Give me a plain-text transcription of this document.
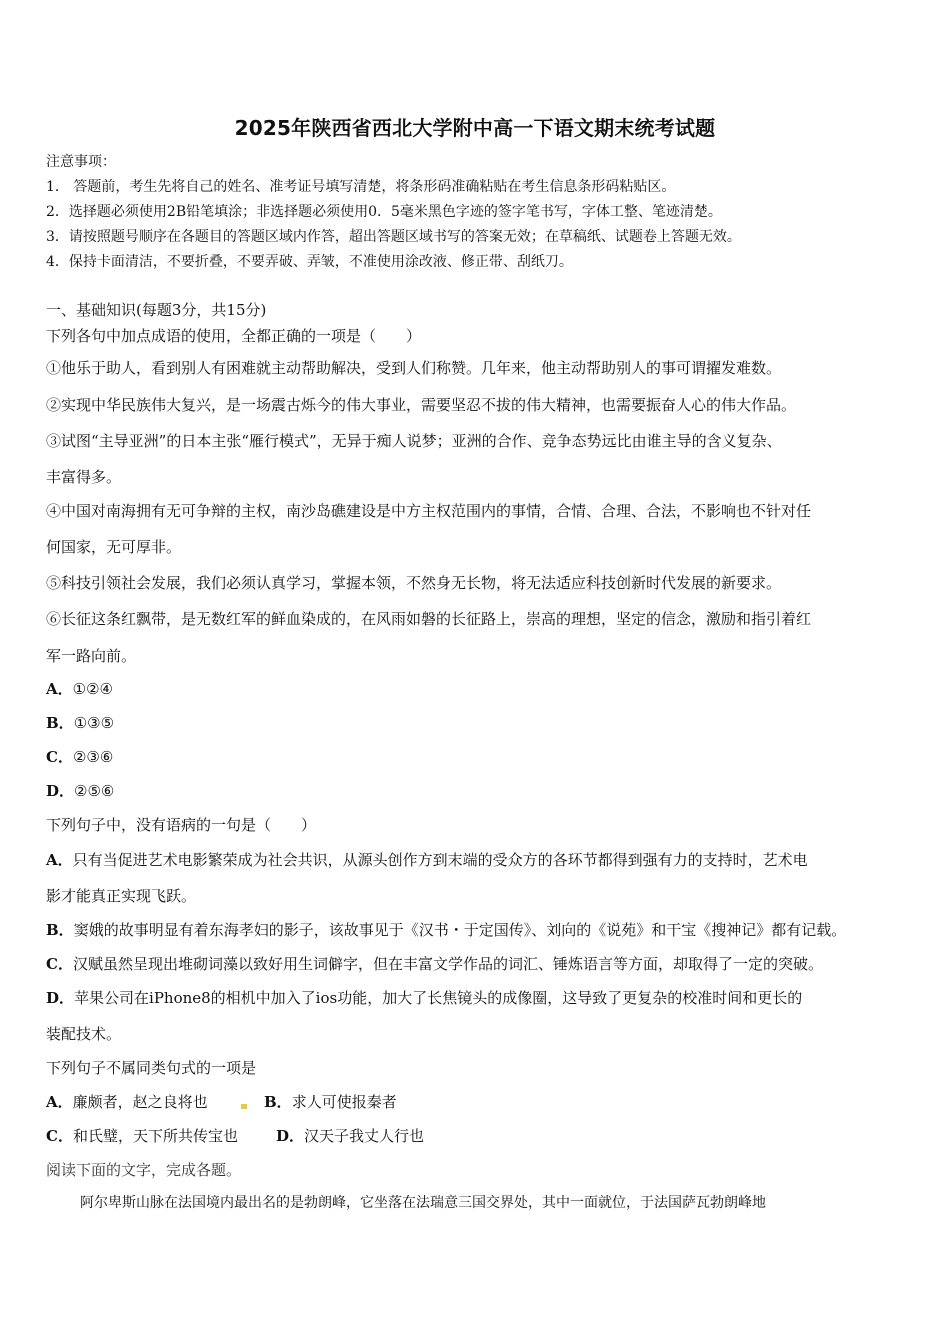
2025年陕西省西北大学附中高一下语文期末统考试题
注意事项：
1． 答题前，考生先将自己的姓名、准考证号填写清楚，将条形码准确粘贴在考生信息条形码粘贴区。
2．选择题必须使用2B铅笔填涂；非选择题必须使用0．5毫米黑色字迹的签字笔书写，字体工整、笔迹清楚。
3．请按照题号顺序在各题目的答题区域内作答，超出答题区域书写的答案无效；在草稿纸、试题卷上答题无效。
4．保持卡面清洁，不要折叠，不要弄破、弄皱，不准使用涂改液、修正带、刮纸刀。
一、基础知识(每题3分，共15分)
下列各句中加点成语的使用，全都正确的一项是（　　）
①他乐于助人，看到别人有困难就主动帮助解决，受到人们称赞。几年来，他主动帮助别人的事可谓擢发难数。
②实现中华民族伟大复兴，是一场震古烁今的伟大事业，需要坚忍不拔的伟大精神，也需要振奋人心的伟大作品。
③试图“主导亚洲”的日本主张“雁行模式”，无异于痴人说梦；亚洲的合作、竞争态势远比由谁主导的含义复杂、
丰富得多。
④中国对南海拥有无可争辩的主权，南沙岛礁建设是中方主权范围内的事情，合情、合理、合法，不影响也不针对任
何国家，无可厚非。
⑤科技引领社会发展，我们必须认真学习，掌握本领，不然身无长物，将无法适应科技创新时代发展的新要求。
⑥长征这条红飘带，是无数红军的鲜血染成的，在风雨如磐的长征路上，崇高的理想，坚定的信念，激励和指引着红
军一路向前。
A．①②④
B．①③⑤
C．②③⑥
D．②⑤⑥
下列句子中，没有语病的一句是（　　）
A．只有当促进艺术电影繁荣成为社会共识，从源头创作方到末端的受众方的各环节都得到强有力的支持时，艺术电
影才能真正实现飞跃。
B．窦娥的故事明显有着东海孝妇的影子，该故事见于《汉书・于定国传》、刘向的《说苑》和干宝《搜神记》都有记载。
C．汉赋虽然呈现出堆砌词藻以致好用生词僻字，但在丰富文学作品的词汇、锤炼语言等方面，却取得了一定的突破。
D．苹果公司在iPhone8的相机中加入了ios功能，加大了长焦镜头的成像圈，这导致了更复杂的校准时间和更长的
装配技术。
下列句子不属同类句式的一项是
A．廉颇者，赵之良将也	B．求人可使报秦者
C．和氏璧，天下所共传宝也	D．汉天子我丈人行也
阅读下面的文字，完成各题。
阿尔卑斯山脉在法国境内最出名的是勃朗峰，它坐落在法瑞意三国交界处，其中一面就位，于法国萨瓦勃朗峰地
